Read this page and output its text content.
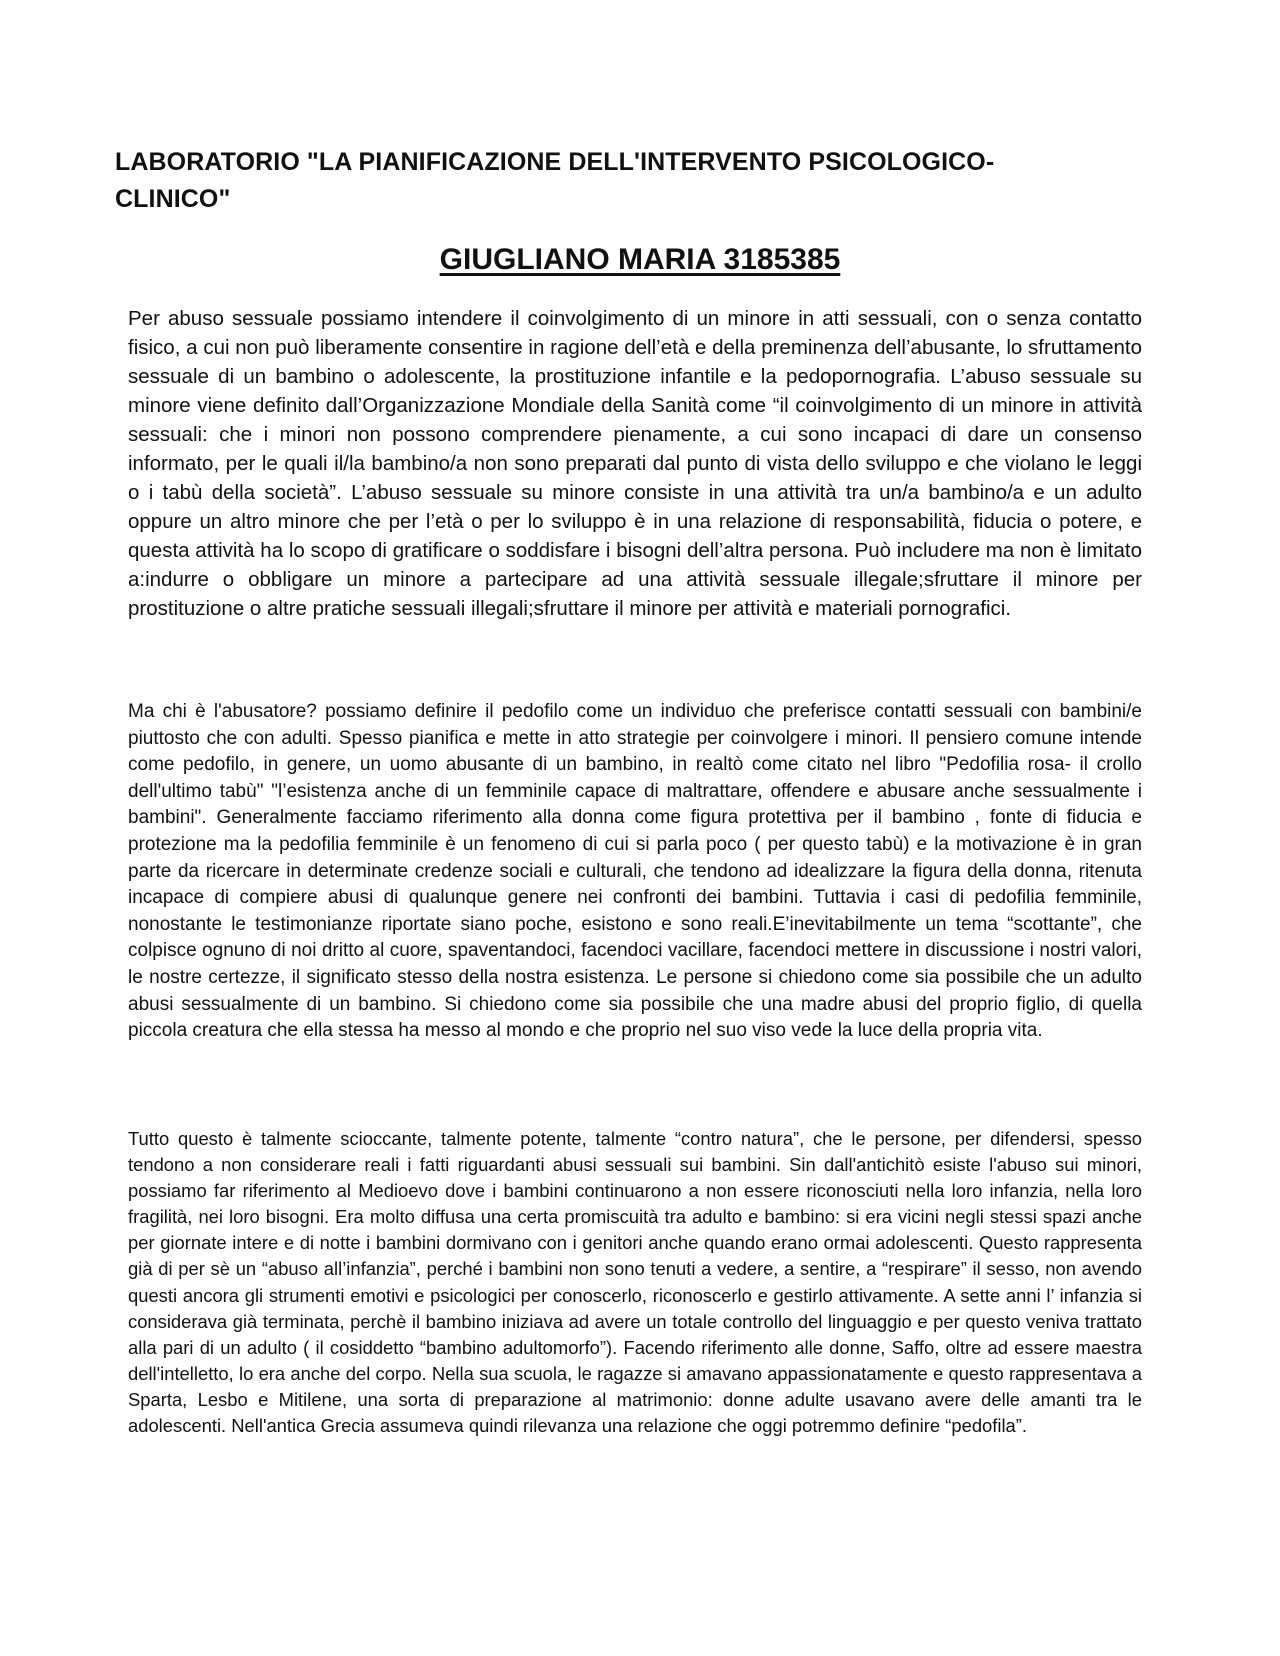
LABORATORIO "LA PIANIFICAZIONE DELL'INTERVENTO PSICOLOGICO-CLINICO"
GIUGLIANO MARIA 3185385

Per abuso sessuale possiamo intendere il coinvolgimento di un minore in atti sessuali, con o senza contatto fisico, a cui non può liberamente consentire in ragione dell’età e della preminenza dell’abusante, lo sfruttamento sessuale di un bambino o adolescente, la prostituzione infantile e la pedopornografia. L’abuso sessuale su minore viene definito dall’Organizzazione Mondiale della Sanità come “il coinvolgimento di un minore in attività sessuali: che i minori non possono comprendere pienamente, a cui sono incapaci di dare un consenso informato, per le quali il/la bambino/a non sono preparati dal punto di vista dello sviluppo e che violano le leggi o i tabù della società”. L’abuso sessuale su minore consiste in una attività tra un/a bambino/a e un adulto oppure un altro minore che per l’età o per lo sviluppo è in una relazione di responsabilità, fiducia o potere, e questa attività ha lo scopo di gratificare o soddisfare i bisogni dell’altra persona. Può includere ma non è limitato a:indurre o obbligare un minore a partecipare ad una attività sessuale illegale;sfruttare il minore per prostituzione o altre pratiche sessuali illegali;sfruttare il minore per attività e materiali pornografici.

Ma chi è l'abusatore? possiamo definire il pedofilo come un individuo che preferisce contatti sessuali con bambini/e piuttosto che con adulti. Spesso pianifica e mette in atto strategie per coinvolgere i minori. Il pensiero comune intende come pedofilo, in genere, un uomo abusante di un bambino, in realtò come citato nel libro "Pedofilia rosa- il crollo dell'ultimo tabù" "l’esistenza anche di un femminile capace di maltrattare, offendere e abusare anche sessualmente i bambini". Generalmente facciamo riferimento alla donna come figura protettiva per il bambino , fonte di fiducia e protezione ma la pedofilia femminile è un fenomeno di cui si parla poco ( per questo tabù) e la motivazione è in gran parte da ricercare in determinate credenze sociali e culturali, che tendono ad idealizzare la figura della donna, ritenuta incapace di compiere abusi di qualunque genere nei confronti dei bambini. Tuttavia i casi di pedofilia femminile, nonostante le testimonianze riportate siano poche, esistono e sono reali.E’inevitabilmente un tema “scottante”, che colpisce ognuno di noi dritto al cuore, spaventandoci, facendoci vacillare, facendoci mettere in discussione i nostri valori, le nostre certezze, il significato stesso della nostra esistenza. Le persone si chiedono come sia possibile che un adulto abusi sessualmente di un bambino. Si chiedono come sia possibile che una madre abusi del proprio figlio, di quella piccola creatura che ella stessa ha messo al mondo e che proprio nel suo viso vede la luce della propria vita.

Tutto questo è talmente scioccante, talmente potente, talmente “contro natura”, che le persone, per difendersi, spesso tendono a non considerare reali i fatti riguardanti abusi sessuali sui bambini. Sin dall'antichitò esiste l'abuso sui minori, possiamo far riferimento al Medioevo dove i bambini continuarono a non essere riconosciuti nella loro infanzia, nella loro fragilità, nei loro bisogni. Era molto diffusa una certa promiscuità tra adulto e bambino: si era vicini negli stessi spazi anche per giornate intere e di notte i bambini dormivano con i genitori anche quando erano ormai adolescenti. Questo rappresenta già di per sè un “abuso all’infanzia”, perché i bambini non sono tenuti a vedere, a sentire, a “respirare” il sesso, non avendo questi ancora gli strumenti emotivi e psicologici per conoscerlo, riconoscerlo e gestirlo attivamente. A sette anni l’ infanzia si considerava già terminata, perchè il bambino iniziava ad avere un totale controllo del linguaggio e per questo veniva trattato alla pari di un adulto ( il cosiddetto “bambino adultomorfo”). Facendo riferimento alle donne, Saffo, oltre ad essere maestra dell'intelletto, lo era anche del corpo. Nella sua scuola, le ragazze si amavano appassionatamente e questo rappresentava a Sparta, Lesbo e Mitilene, una sorta di preparazione al matrimonio: donne adulte usavano avere delle amanti tra le adolescenti. Nell'antica Grecia assumeva quindi rilevanza una relazione che oggi potremmo definire “pedofila”.
